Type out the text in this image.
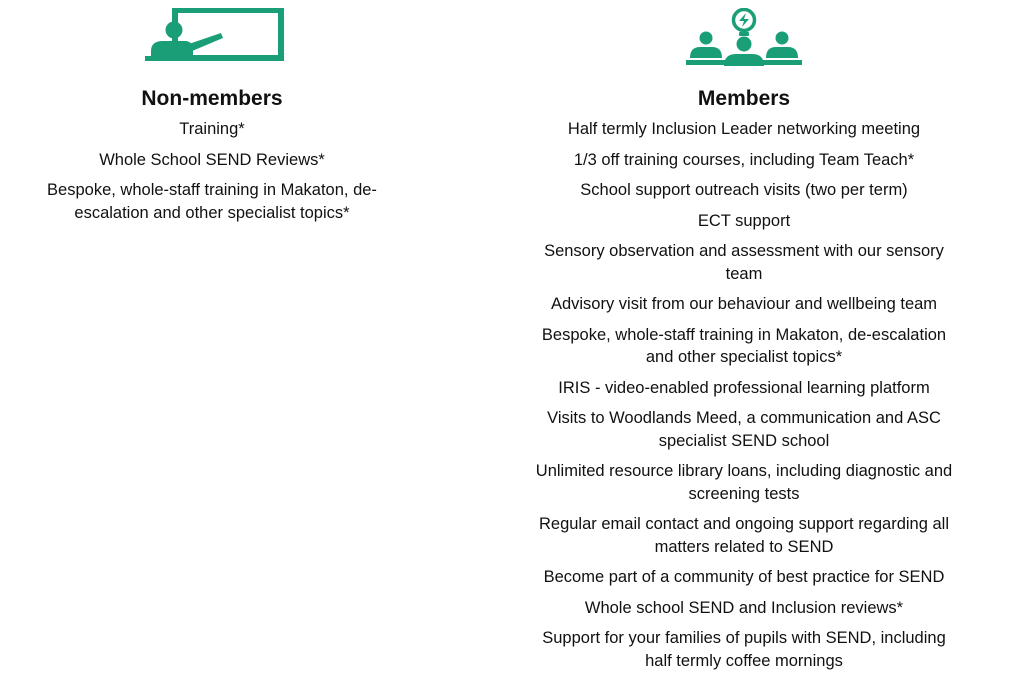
Non-members
Training*
Whole School SEND Reviews*
Bespoke, whole-staff training in Makaton, de-escalation and other specialist topics*
Members
Half termly Inclusion Leader networking meeting
1/3 off training courses, including Team Teach*
School support outreach visits (two per term)
ECT support
Sensory observation and assessment with our sensory team
Advisory visit from our behaviour and wellbeing team
Bespoke, whole-staff training in Makaton, de-escalation and other specialist topics*
IRIS - video-enabled professional learning platform
Visits to Woodlands Meed, a communication and ASC specialist SEND school
Unlimited resource library loans, including diagnostic and screening tests
Regular email contact and ongoing support regarding all matters related to SEND
Become part of a community of best practice for SEND
Whole school SEND and Inclusion reviews*
Support for your families of pupils with SEND, including half termly coffee mornings
